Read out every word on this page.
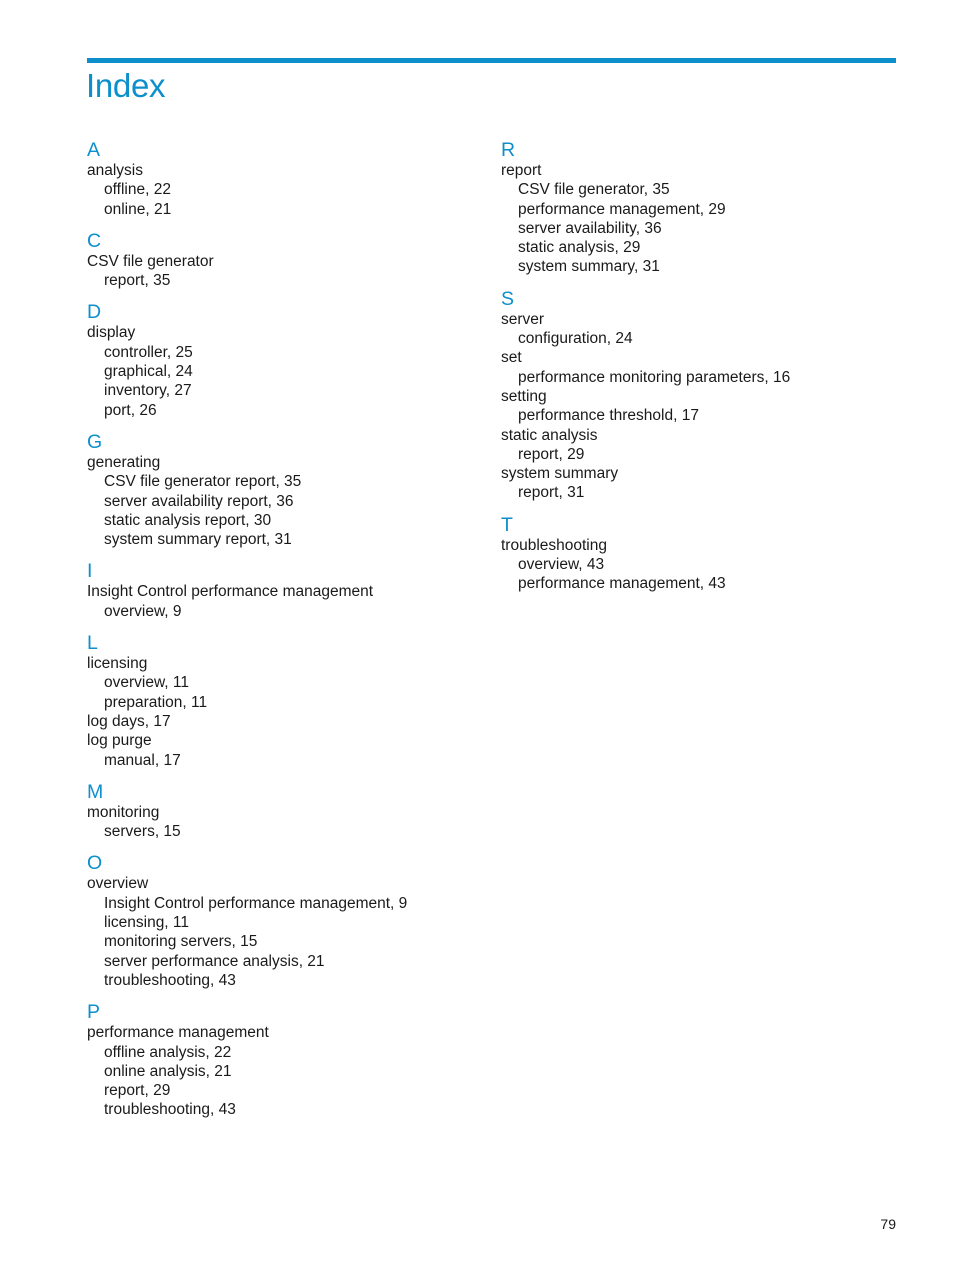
Index
A
analysis
offline, 22
online, 21
C
CSV file generator
report, 35
D
display
controller, 25
graphical, 24
inventory, 27
port, 26
G
generating
CSV file generator report, 35
server availability report, 36
static analysis report, 30
system summary report, 31
I
Insight Control performance management
overview, 9
L
licensing
overview, 11
preparation, 11
log days, 17
log purge
manual, 17
M
monitoring
servers, 15
O
overview
Insight Control performance management, 9
licensing, 11
monitoring servers, 15
server performance analysis, 21
troubleshooting, 43
P
performance management
offline analysis, 22
online analysis, 21
report, 29
troubleshooting, 43
R
report
CSV file generator, 35
performance management, 29
server availability, 36
static analysis, 29
system summary, 31
S
server
configuration, 24
set
performance monitoring parameters, 16
setting
performance threshold, 17
static analysis
report, 29
system summary
report, 31
T
troubleshooting
overview, 43
performance management, 43
79
